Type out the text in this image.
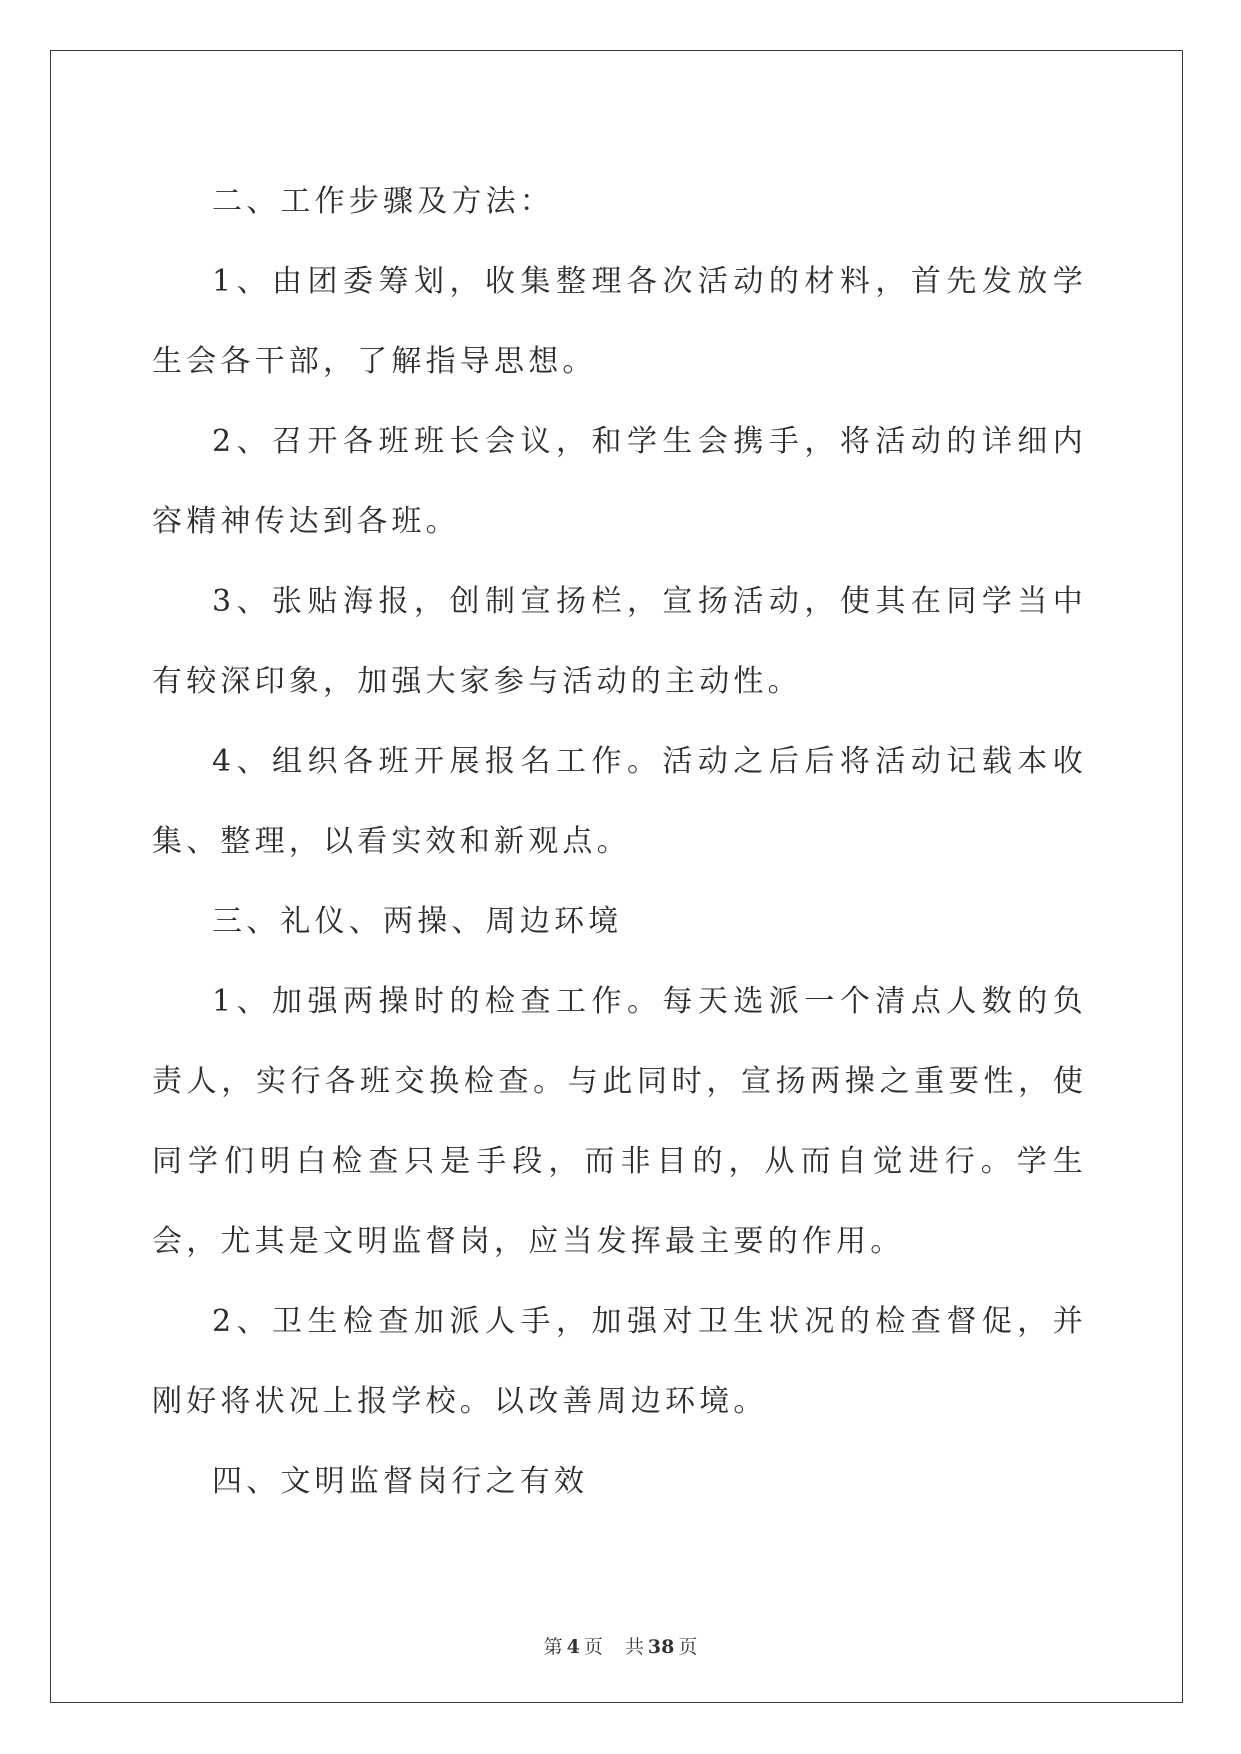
二、工作步骤及方法：

1、由团委筹划，收集整理各次活动的材料，首先发放学生会各干部，了解指导思想。

2、召开各班班长会议，和学生会携手，将活动的详细内容精神传达到各班。

3、张贴海报，创制宣扬栏，宣扬活动，使其在同学当中有较深印象，加强大家参与活动的主动性。

4、组织各班开展报名工作。活动之后后将活动记载本收集、整理，以看实效和新观点。

三、礼仪、两操、周边环境

1、加强两操时的检查工作。每天选派一个清点人数的负责人，实行各班交换检查。与此同时，宣扬两操之重要性，使同学们明白检查只是手段，而非目的，从而自觉进行。学生会，尤其是文明监督岗，应当发挥最主要的作用。

2、卫生检查加派人手，加强对卫生状况的检查督促，并刚好将状况上报学校。以改善周边环境。

四、文明监督岗行之有效

第 4 页 共 38 页
